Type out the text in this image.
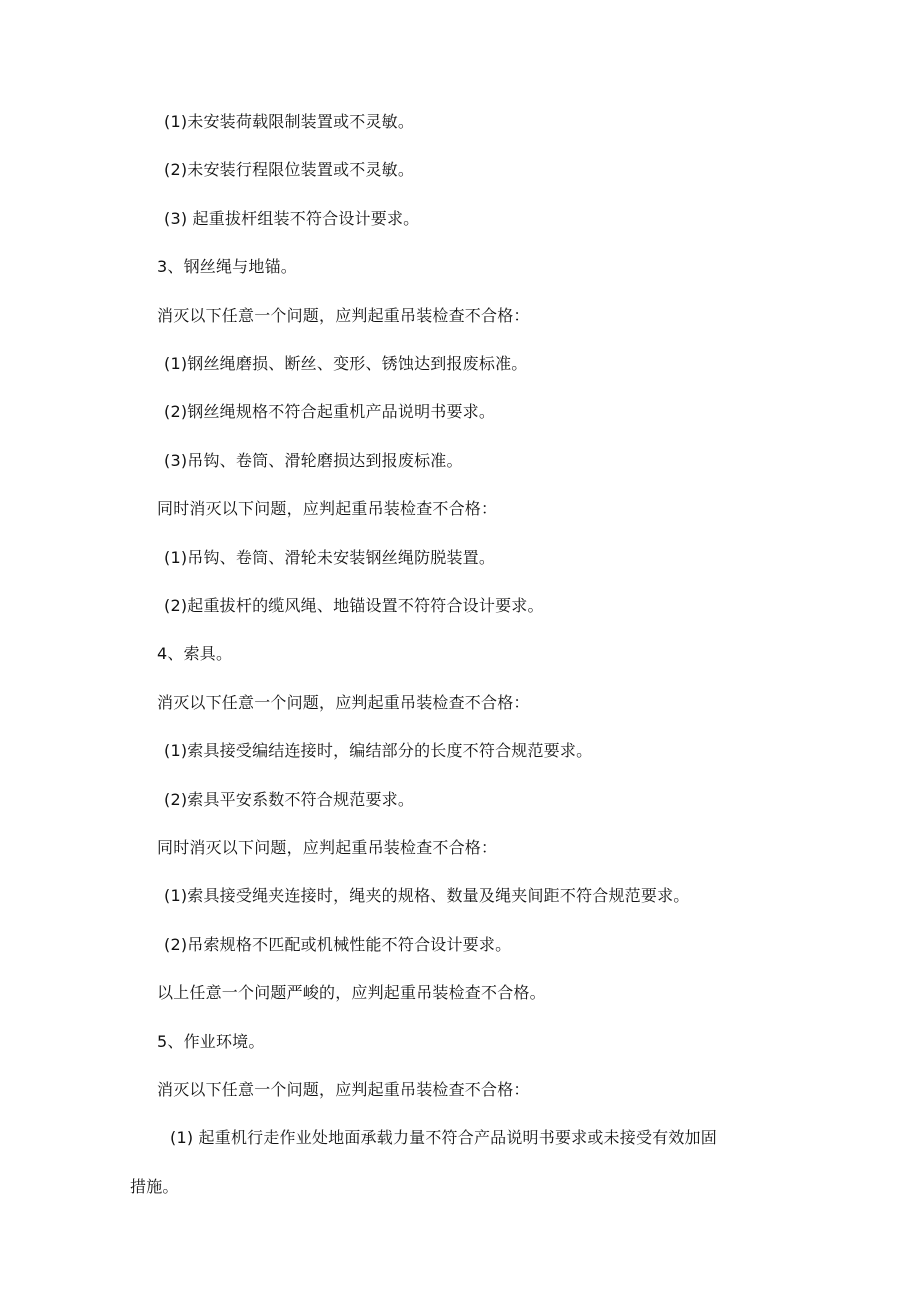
(1)未安装荷载限制装置或不灵敏。
(2)未安装行程限位装置或不灵敏。
(3) 起重拔杆组装不符合设计要求。
3、钢丝绳与地锚。
消灭以下任意一个问题，应判起重吊装检查不合格：
(1)钢丝绳磨损、断丝、变形、锈蚀达到报废标准。
(2)钢丝绳规格不符合起重机产品说明书要求。
(3)吊钩、卷筒、滑轮磨损达到报废标准。
同时消灭以下问题，应判起重吊装检查不合格：
(1)吊钩、卷筒、滑轮未安装钢丝绳防脱装置。
(2)起重拔杆的缆风绳、地锚设置不符符合设计要求。
4、索具。
消灭以下任意一个问题，应判起重吊装检查不合格：
(1)索具接受编结连接时，编结部分的长度不符合规范要求。
(2)索具平安系数不符合规范要求。
同时消灭以下问题，应判起重吊装检查不合格：
(1)索具接受绳夹连接时，绳夹的规格、数量及绳夹间距不符合规范要求。
(2)吊索规格不匹配或机械性能不符合设计要求。
以上任意一个问题严峻的，应判起重吊装检查不合格。
5、作业环境。
消灭以下任意一个问题，应判起重吊装检查不合格：
(1) 起重机行走作业处地面承载力量不符合产品说明书要求或未接受有效加固
措施。
